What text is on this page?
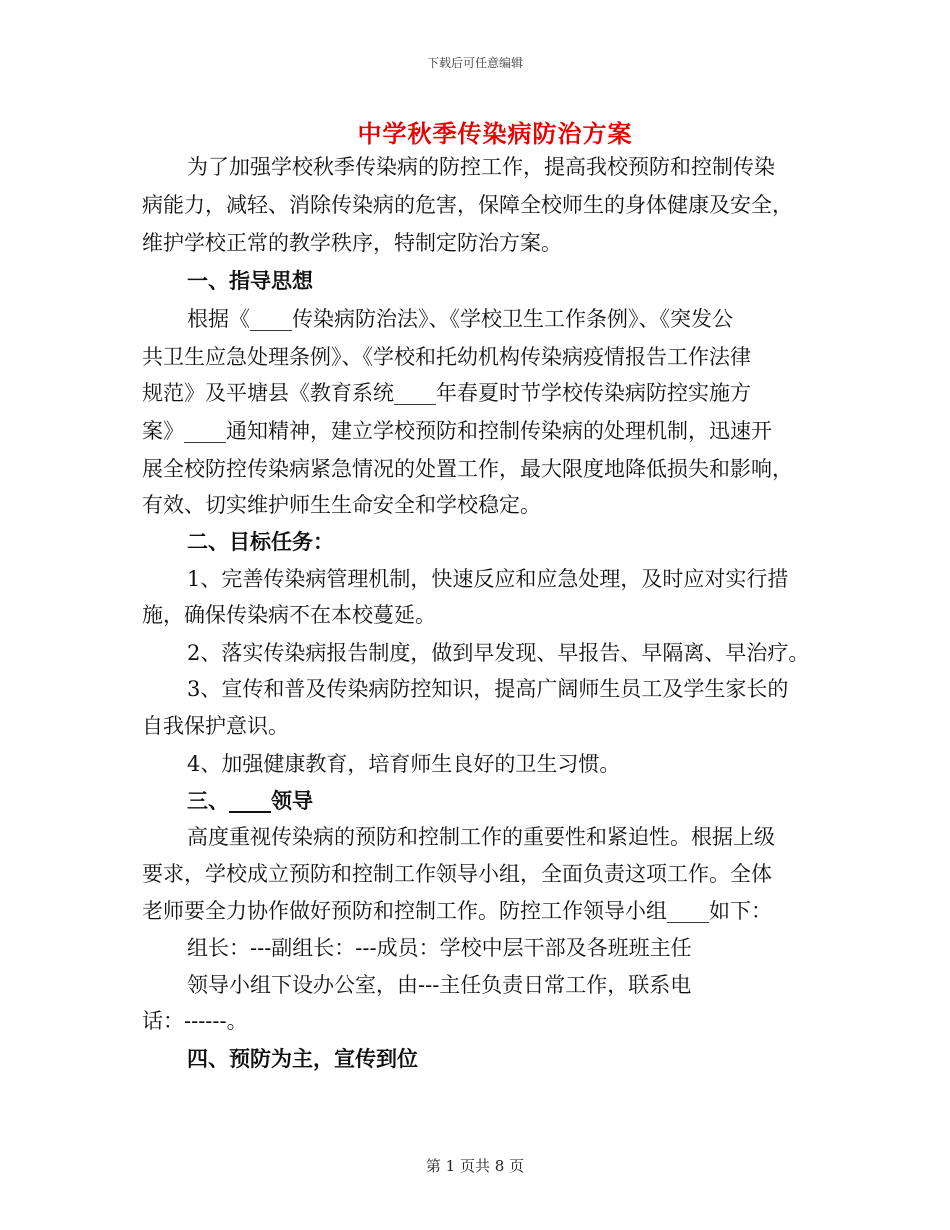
下载后可任意编辑
中学秋季传染病防治方案
为了加强学校秋季传染病的防控工作，提高我校预防和控制传染
病能力，减轻、消除传染病的危害，保障全校师生的身体健康及安全，
维护学校正常的教学秩序，特制定防治方案。
一、指导思想
根据《____传染病防治法》、《学校卫生工作条例》、《突发公
共卫生应急处理条例》、《学校和托幼机构传染病疫情报告工作法律
规范》及平塘县《教育系统____年春夏时节学校传染病防控实施方
案》____通知精神，建立学校预防和控制传染病的处理机制，迅速开
展全校防控传染病紧急情况的处置工作，最大限度地降低损失和影响，
有效、切实维护师生生命安全和学校稳定。
二、目标任务：
1、完善传染病管理机制，快速反应和应急处理，及时应对实行措
施，确保传染病不在本校蔓延。
2、落实传染病报告制度，做到早发现、早报告、早隔离、早治疗。
3、宣传和普及传染病防控知识，提高广阔师生员工及学生家长的
自我保护意识。
4、加强健康教育，培育师生良好的卫生习惯。
三、____领导
高度重视传染病的预防和控制工作的重要性和紧迫性。根据上级
要求，学校成立预防和控制工作领导小组，全面负责这项工作。全体
老师要全力协作做好预防和控制工作。防控工作领导小组____如下：
组长：---副组长：---成员：学校中层干部及各班班主任
领导小组下设办公室，由---主任负责日常工作，联系电
话：------。
四、预防为主，宣传到位
第 1 页共 8 页
